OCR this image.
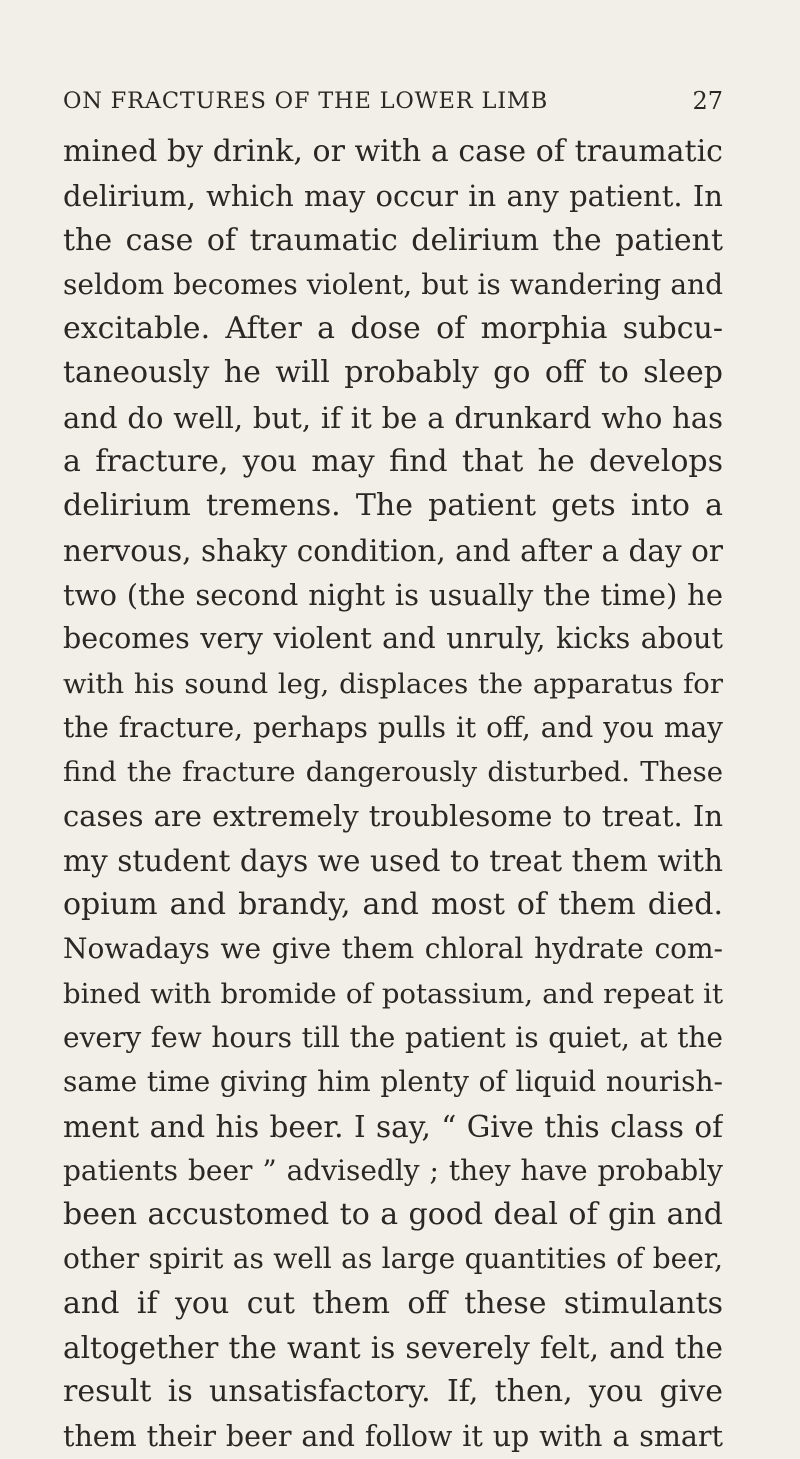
ON FRACTURES OF THE LOWER LIMB	27
mined by drink, or with a case of traumatic
delirium, which may occur in any patient. In
the case of traumatic delirium the patient
seldom becomes violent, but is wandering and
excitable. After a dose of morphia subcu-
taneously he will probably go off to sleep
and do well, but, if it be a drunkard who has
a fracture, you may find that he develops
delirium tremens. The patient gets into a
nervous, shaky condition, and after a day or
two (the second night is usually the time) he
becomes very violent and unruly, kicks about
with his sound leg, displaces the apparatus for
the fracture, perhaps pulls it off, and you may
find the fracture dangerously disturbed. These
cases are extremely troublesome to treat. In
my student days we used to treat them with
opium and brandy, and most of them died.
Nowadays we give them chloral hydrate com-
bined with bromide of potassium, and repeat it
every few hours till the patient is quiet, at the
same time giving him plenty of liquid nourish-
ment and his beer. I say, “ Give this class of
patients beer ” advisedly ; they have probably
been accustomed to a good deal of gin and
other spirit as well as large quantities of beer,
and if you cut them off these stimulants
altogether the want is severely felt, and the
result is unsatisfactory. If, then, you give
them their beer and follow it up with a smart
